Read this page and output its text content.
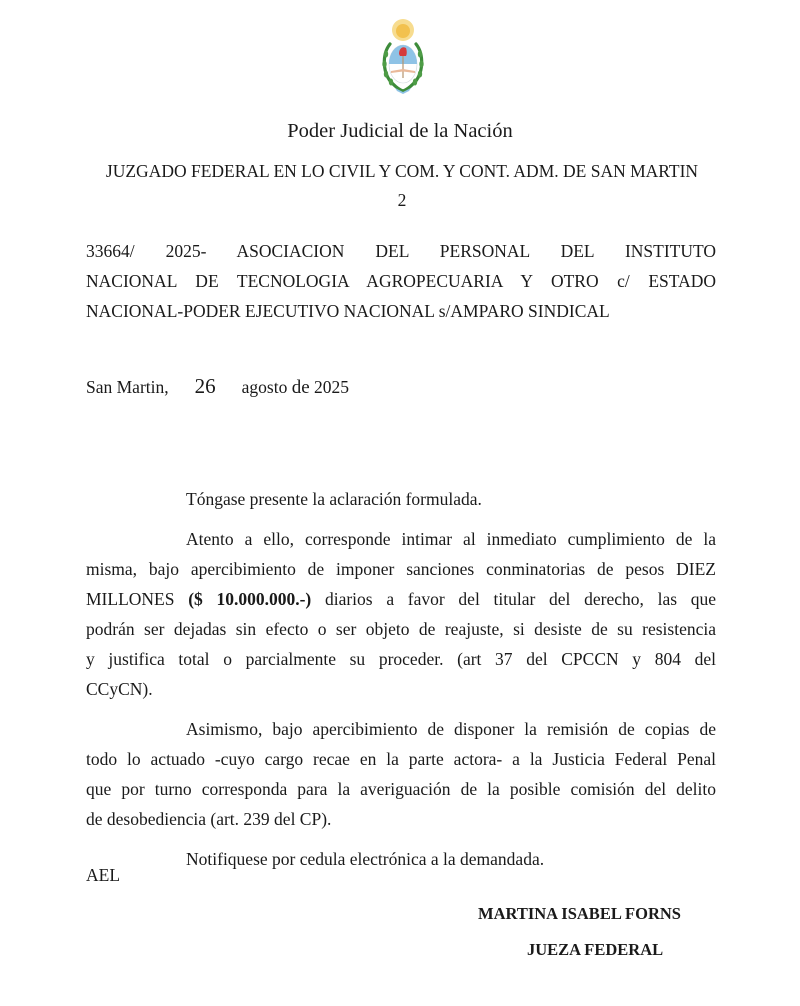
Poder Judicial de la Nación
JUZGADO FEDERAL EN LO CIVIL Y COM. Y CONT. ADM. DE SAN MARTIN 2
33664/ 2025- ASOCIACION DEL PERSONAL DEL INSTITUTO
NACIONAL DE TECNOLOGIA AGROPECUARIA Y OTRO c/ ESTADO
NACIONAL-PODER EJECUTIVO NACIONAL s/AMPARO SINDICAL
San Martin, 26 agosto de 2025

Tóngase presente la aclaración formulada.

Atento a ello, corresponde intimar al inmediato cumplimiento de la
misma, bajo apercibimiento de imponer sanciones conminatorias de pesos DIEZ
MILLONES ($ 10.000.000.-) diarios a favor del titular del derecho, las que
podrán ser dejadas sin efecto o ser objeto de reajuste, si desiste de su resistencia
y justifica total o parcialmente su proceder. (art 37 del CPCCN y 804 del
CCyCN).

Asimismo, bajo apercibimiento de disponer la remisión de copias de
todo lo actuado -cuyo cargo recae en la parte actora- a la Justicia Federal Penal
que por turno corresponda para la averiguación de la posible comisión del delito
de desobediencia (art. 239 del CP).

Notifiquese por cedula electrónica a la demandada.

AEL
MARTINA ISABEL FORNS
JUEZA FEDERAL
